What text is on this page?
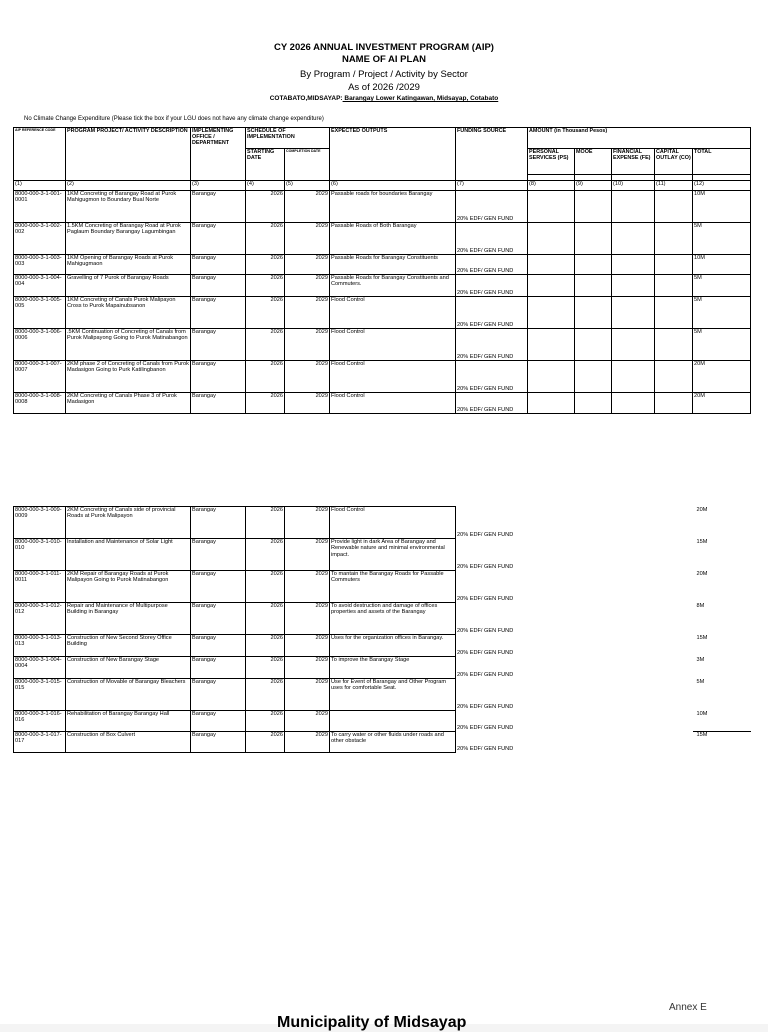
CY 2026 ANNUAL INVESTMENT PROGRAM (AIP)
NAME OF AI PLAN
By Program / Project / Activity by Sector
As of 2026 /2029
COTABATO,MIDSAYAP: Barangay Lower Katingawan, Midsayap, Cotabato
No Climate Change Expenditure (Please tick the box if your LGU does not have any climate change expenditure)
AIP REFERENCE CODE	PROGRAM PROJECT/ ACTIVITY DESCRIPTION	IMPLEMENTING OFFICE / DEPARTMENT	SCHEDULE OF IMPLEMENTATION		EXPECTED OUTPUTS	FUNDING SOURCE	AMOUNT (in Thousand Pesos)				
			STARTING DATE	COMPLETION DATE			PERSONAL SERVICES (PS)	MOOE	FINANCIAL EXPENSE (FE)	CAPITAL OUTLAY (CO)	TOTAL

(1)	(2)	(3)	(4)	(5)	(6)	(7)	(8)	(9)	(10)	(11)	(12)
8000-000-3-1-001-0001	1KM Concreting of Barangay Road at Purok Mahigugmon to Boundary Bual Norte	Barangay	2026	2029	Passable roads for boundaries Barangay	20% EDF/ GEN FUND					10M
8000-000-3-1-002-002	1.5KM Concreting of Barangay Road at Purok Paglaum Boundary Barangay Lagumbingan	Barangay	2026	2029	Passable Roads of Both Barangay	20% EDF/ GEN FUND					5M
8000-000-3-1-003-003	1KM Opening of Barangay Roads at Purok Mahigugmaon	Barangay	2026	2029	Passable Roads for Barangay Constituents	20% EDF/ GEN FUND					10M
8000-000-3-1-004-004	Gravelling of 7 Purok of Barangay Roads	Barangay	2026	2029	Passable Roads for Barangay Constituents and Commuters.	20% EDF/ GEN FUND					5M
8000-000-3-1-005-005	1KM Concreting of Canals Purok Malipayon Cross to Purok Mapainubsanon	Barangay	2026	2029	Flood Control	20% EDF/ GEN FUND					5M
8000-000-3-1-006-0006	.5KM Continuation of Concreting of Canals from Purok Malipayong Going to Purok Matinabangon	Barangay	2026	2029	Flood Control	20% EDF/ GEN FUND					5M
8000-000-3-1-007-0007	2KM phase 2 of Concreting of Canals from Purok Madasigon Going to Purk Katilingbanon	Barangay	2026	2029	Flood Control	20% EDF/ GEN FUND					20M
8000-000-3-1-008-0008	2KM Concreting of Canals Phase 3 of Purok Madasigon	Barangay	2026	2029	Flood Control	20% EDF/ GEN FUND					20M
8000-000-3-1-009-0009	2KM Concreting of Canals side of provincial Roads at Purok Malipayon	Barangay	2026	2029	Flood Control	20% EDF/ GEN FUND					20M
8000-000-3-1-010-010	Installation and Maintenance of Solar Light	Barangay	2026	2029	Provide light in dark Area of Barangay and Renewable nature and minimal environmental impact.	20% EDF/ GEN FUND					15M
8000-000-3-1-011-0011	2KM Repair of Barangay Roads at Purok Malipayon Going to Purok Matinabangon	Barangay	2026	2029	To mantain the Barangay Roads for Passable Commuters	20% EDF/ GEN FUND					20M
8000-000-3-1-012-012	Repair and Maintenance of Multipurpose Building in Barangay	Barangay	2026	2029	To avoid destruction and damage of offices properties and assets of the Barangay	20% EDF/ GEN FUND					8M
8000-000-3-1-013-013	Construction of New Second Storey Office Building	Barangay	2026	2029	Uses for the organization offices in Barangay.	20% EDF/ GEN FUND					15M
8000-000-3-1-004-0004	Construction of New Barangay Stage	Barangay	2026	2029	To improve the Barangay Stage	20% EDF/ GEN FUND					3M
8000-000-3-1-015-015	Construction of Movable of Barangay Bleachers	Barangay	2026	2029	Use for Event of Barangay and Other Program uses for comfortable Seat.	20% EDF/ GEN FUND					5M
8000-000-3-1-016-016	Rehabilitation of Barangay Barangay Hall	Barangay	2026	2029		20% EDF/ GEN FUND					10M
8000-000-3-1-017-017	Construction of Box Culvert	Barangay	2026	2029	To carry water or other fluids under roads and other obstacle	20% EDF/ GEN FUND					15M
Annex E
Municipality of Midsayap
